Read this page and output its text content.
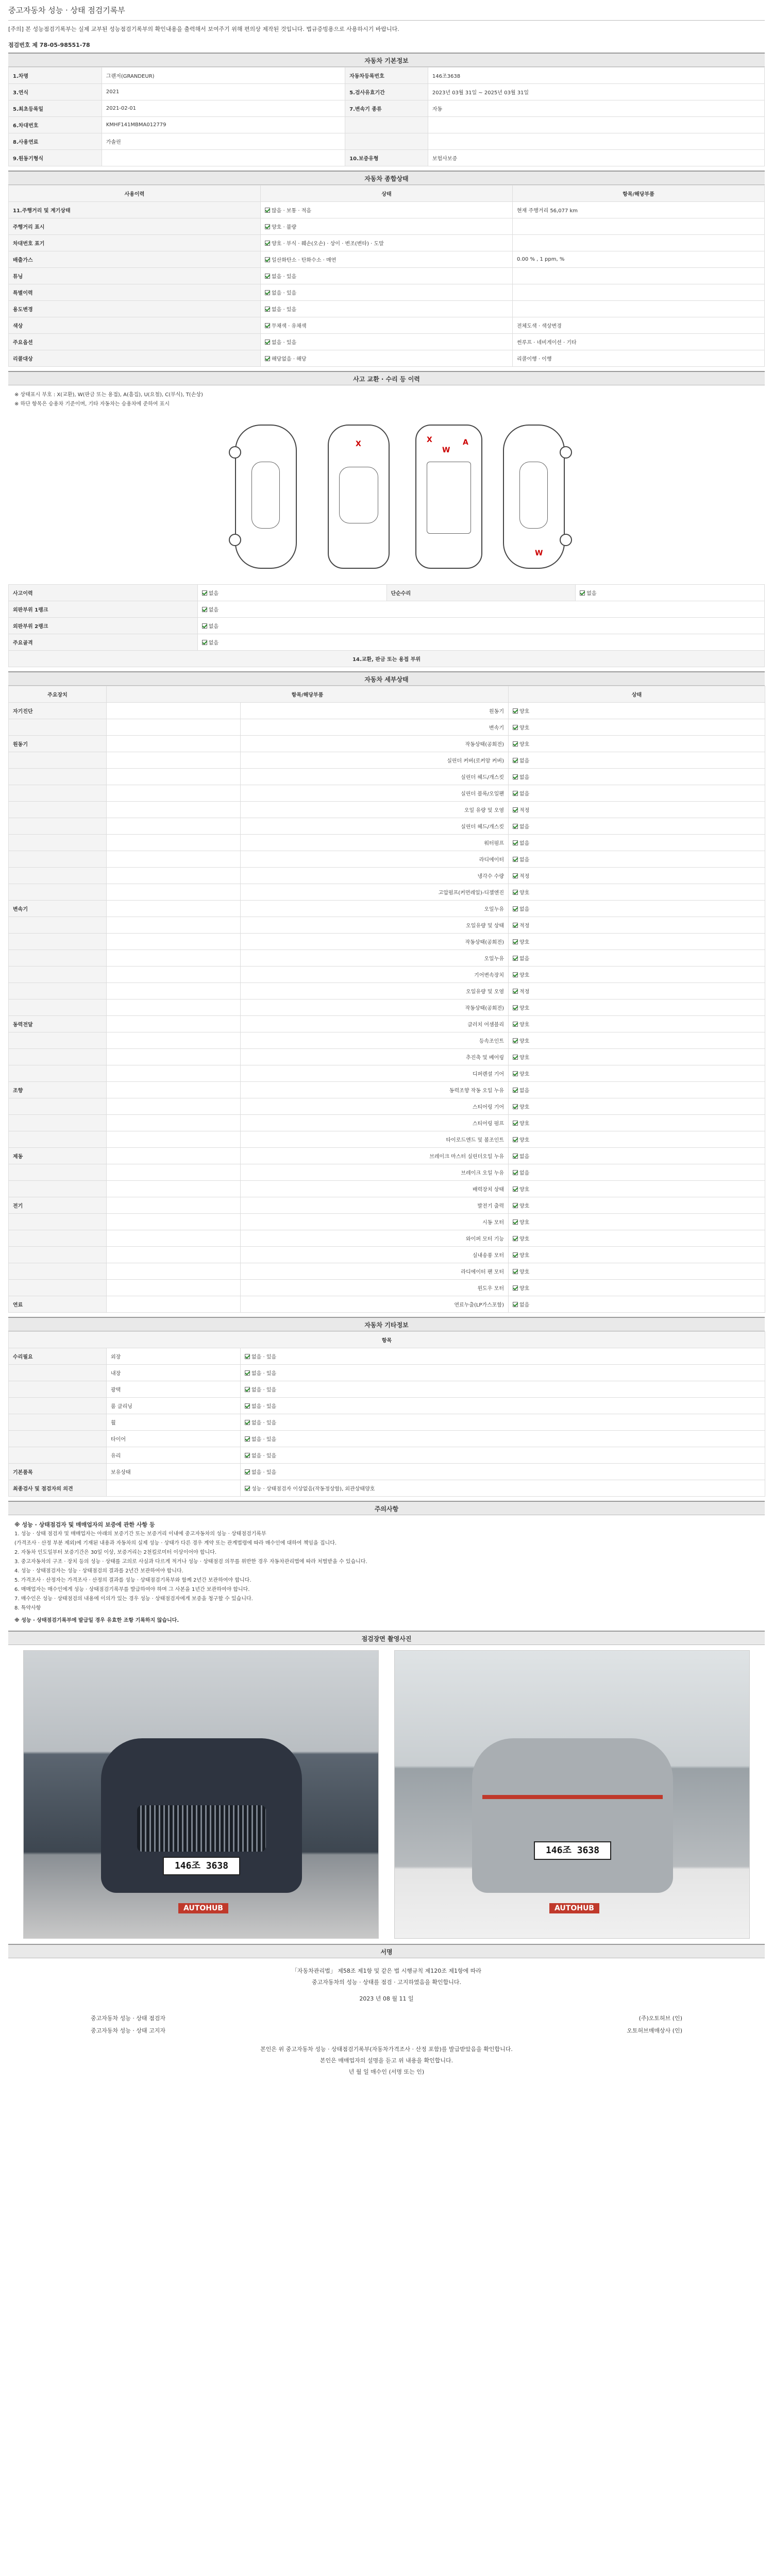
중고자동차 성능 · 상태 점검기록부
[주의] 본 성능점검기록부는 실제 교부된 성능점검기록부의 확인내용을 출력해서 보여주기 위해 편의상 제작된 것입니다. 법규증빙용으로 사용하시기 바랍니다.
점검번호 제 78-05-98551-78
자동차 기본정보
1.차명	그랜저(GRANDEUR)	자동차등록번호	146조3638
3.연식	2021	5.검사유효기간	2023년 03월 31일 ~ 2025년 03월 31일
5.최초등록일	2021-02-01	7.변속기 종류	자동
6.차대번호	KMHF141MBMA012779		
8.사용연료	가솔린		
9.원동기형식		10.보증유형	보험사보증
자동차 종합상태
사용이력	상태	항목/해당부품
11.주행거리 및 계기상태	많음 · 보통 · 적음	현재 주행거리 56,077 km
주행거리 표시	양호 · 불량	
차대번호 표기	양호 · 부식 · 훼손(오손) · 상이 · 변조(변타) · 도말	
배출가스	일산화탄소 · 탄화수소 · 매연	0.00 % , 1 ppm, %
튜닝	없음 · 있음	
특별이력	없음 · 있음	
용도변경	없음 · 있음	
색상	무채색 · 유채색	전체도색 · 색상변경
주요옵션	없음 · 있음	썬루프 · 네비게이션 · 기타
리콜대상	해당없음 · 해당	리콜이행 · 이행
사고 교환 · 수리 등 이력
※ 상태표시 부호 : X(교환), W(판금 또는 용접), A(흠집), U(요철), C(부식), T(손상)
※ 하단 항목은 승용차 기준이며, 기타 자동차는 승용차에 준하여 표시
X	X
W
A
W
사고이력	없음	단순수리	없음
외판부위 1랭크	없음		
외판부위 2랭크	없음		
주요골격	없음		
14.교환, 판금 또는 용접 부위			
자동차 세부상태
주요장치	항목/해당부품		상태
자기진단		원동기	양호
		변속기	양호
원동기		작동상태(공회전)	양호
		실린더 커버(로커암 커버)	없음
		실린더 헤드/개스킷	없음
		실린더 블록/오일팬	없음
		오일 유량 및 오염	적정
		실린더 헤드/개스킷	없음
		워터펌프	없음
		라디에이터	없음
		냉각수 수량	적정
		고압펌프(커먼레일)-디젤엔진	양호
변속기		오일누유	없음
		오일유량 및 상태	적정
		작동상태(공회전)	양호
		오일누유	없음
		기어변속장치	양호
		오일유량 및 오염	적정
		작동상태(공회전)	양호
동력전달		클러치 어셈블리	양호
		등속조인트	양호
		추진축 및 베어링	양호
		디퍼렌셜 기어	양호
조향		동력조향 작동 오일 누유	없음
		스티어링 기어	양호
		스티어링 펌프	양호
		타이로드엔드 및 볼조인트	양호
제동		브레이크 마스터 실린더오일 누유	없음
		브레이크 오일 누유	없음
		배력장치 상태	양호
전기		발전기 출력	양호
		시동 모터	양호
		와이퍼 모터 기능	양호
		실내송풍 모터	양호
		라디에이터 팬 모터	양호
		윈도우 모터	양호
연료		연료누출(LP가스포함)	없음
자동차 기타정보
항목		
수리필요	외장	없음 · 있음
	내장	없음 · 있음
	광택	없음 · 있음
	룸 클리닝	없음 · 있음
	휠	없음 · 있음
	타이어	없음 · 있음
	유리	없음 · 있음
기본품목	보유상태	없음 · 있음
최종검사 및 점검자의 의견		성능 · 상태점검자 이상없음(작동정상함), 외관상태양호
주의사항
※ 성능 · 상태점검자 및 매매업자의 보증에 관한 사항 등
1. 성능 · 상태 점검자 및 매매업자는 아래의 보증기간 또는 보증거리 이내에 중고자동차의 성능 · 상태점검기록부
(가격조사 · 산정 부분 제외)에 기재된 내용과 자동차의 실제 성능 · 상태가 다른 경우 계약 또는 관계법령에 따라 매수인에 대하여 책임을 집니다.
2. 자동차 인도일부터 보증기간은 30일 이상, 보증거리는 2천킬로미터 이상이어야 합니다.
3. 중고자동차의 구조 · 장치 등의 성능 · 상태를 고의로 사실과 다르게 적거나 성능 · 상태점검 의무를 위반한 경우 자동차관리법에 따라 처벌받을 수 있습니다.
4. 성능 · 상태점검자는 성능 · 상태점검의 결과를 2년간 보관하여야 합니다.
5. 가격조사 · 산정자는 가격조사 · 산정의 결과를 성능 · 상태점검기록부와 함께 2년간 보관하여야 합니다.
6. 매매업자는 매수인에게 성능 · 상태점검기록부를 발급하여야 하며 그 사본을 1년간 보관하여야 합니다.
7. 매수인은 성능 · 상태점검의 내용에 이의가 있는 경우 성능 · 상태점검자에게 보증을 청구할 수 있습니다.
8. 특약사항
※ 성능 · 상태점검기록부에 발급일 경우 유효한 조항 기록하지 않습니다.
점검장면 촬영사진
146조 3638
AUTOHUB
146조 3638
AUTOHUB
서명
「자동차관리법」 제58조 제1항 및 같은 법 시행규칙 제120조 제1항에 따라
중고자동차의 성능 · 상태를 점검 · 고지하였음을 확인합니다.
2023 년 08 월 11 일
중고자동차 성능 · 상태 점검자	(주)오토허브 (인)
중고자동차 성능 · 상태 고지자	오토허브매매상사 (인)
본인은 위 중고자동차 성능 · 상태점검기록부(자동차가격조사 · 산정 포함)를 발급받았음을 확인합니다.
본인은 매매업자의 설명을 듣고 위 내용을 확인합니다.
년 월 일 매수인 (서명 또는 인)
